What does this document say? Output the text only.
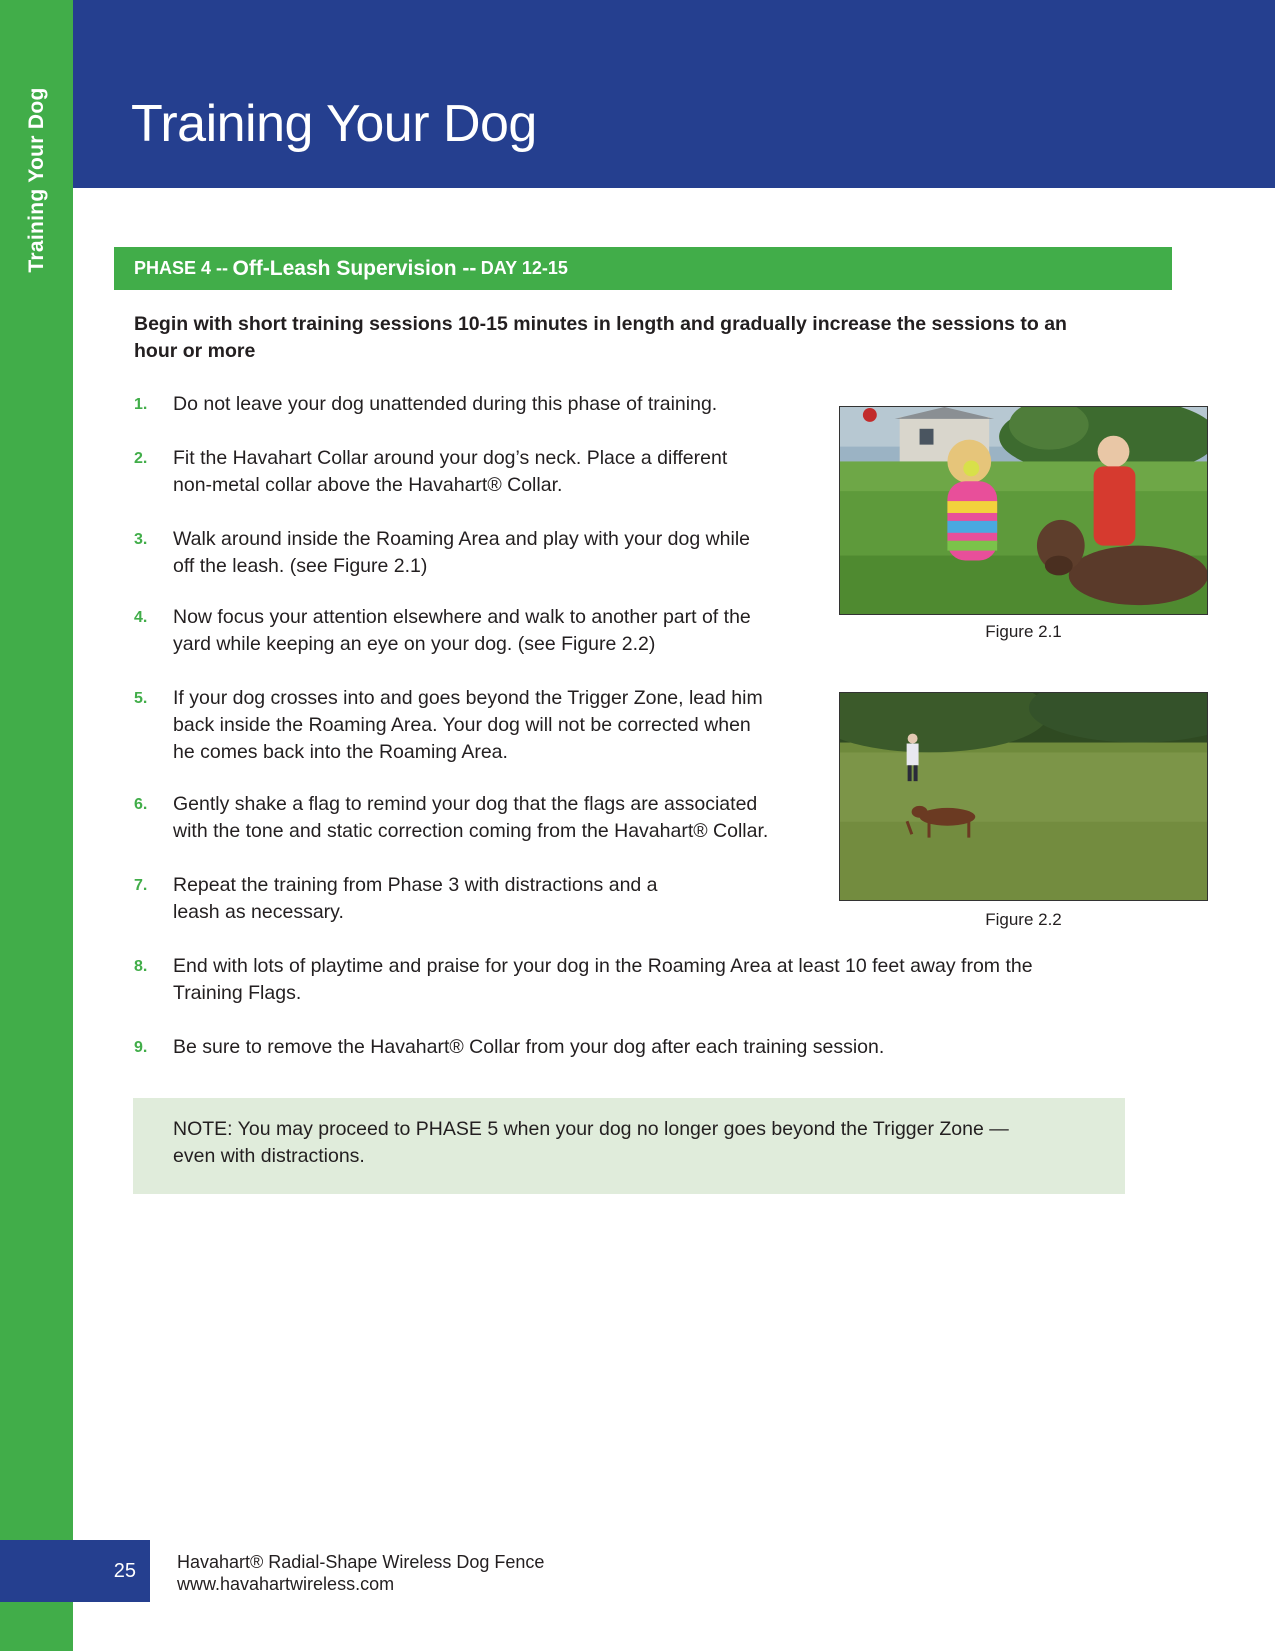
Training Your Dog Training Your Dog
PHASE 4 --
Off-Leash Supervision --
DAY 12-15

Begin with short training sessions 10-15 minutes in length and gradually increase the sessions to an hour or more

1.	Do not leave your dog unattended during this phase of training.
2.	Fit the Havahart Collar around your dog’s neck. Place a different
non-metal collar above the Havahart® Collar.
3.	Walk around inside the Roaming Area and play with your dog while
off the leash. (see Figure 2.1)
4.	Now focus your attention elsewhere and walk to another part of the
yard while keeping an eye on your dog. (see Figure 2.2)
5.	If your dog crosses into and goes beyond the Trigger Zone, lead him
back inside the Roaming Area. Your dog will not be corrected when
he comes back into the Roaming Area.
6.	Gently shake a flag to remind your dog that the flags are associated
with the tone and static correction coming from the Havahart® Collar.
7.	Repeat the training from Phase 3 with distractions and a
leash as necessary.
8.	End with lots of playtime and praise for your dog in the Roaming Area at least 10 feet away from the
Training Flags.
9.	Be sure to remove the Havahart® Collar from your dog after each training session.
Figure 2.1
Figure 2.2
NOTE: You may proceed to PHASE 5 when your dog no longer goes beyond the Trigger Zone —
even with distractions.
25	Havahart® Radial-Shape Wireless Dog Fence
www.havahartwireless.com
